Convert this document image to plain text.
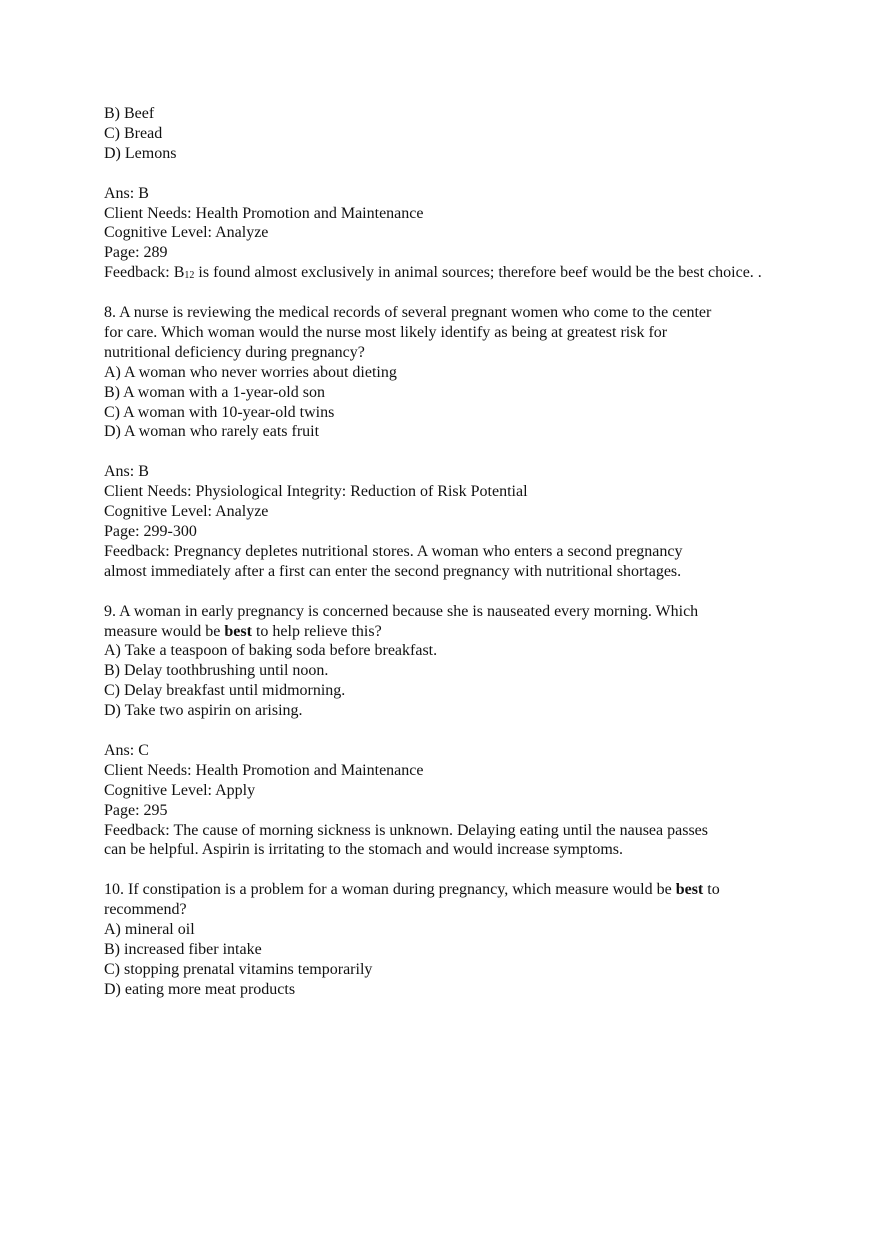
B) Beef
C) Bread
D) Lemons
Ans: B
Client Needs: Health Promotion and Maintenance
Cognitive Level: Analyze
Page: 289
Feedback: $B_{12}$ is found almost exclusively in animal sources; therefore beef would be the best choice. .
8. A nurse is reviewing the medical records of several pregnant women who come to the center
for care. Which woman would the nurse most likely identify as being at greatest risk for
nutritional deficiency during pregnancy?
A) A woman who never worries about dieting
B) A woman with a 1-year-old son
C) A woman with 10-year-old twins
D) A woman who rarely eats fruit
Ans: B
Client Needs: Physiological Integrity: Reduction of Risk Potential
Cognitive Level: Analyze
Page: 299-300
Feedback: Pregnancy depletes nutritional stores. A woman who enters a second pregnancy
almost immediately after a first can enter the second pregnancy with nutritional shortages.
9. A woman in early pregnancy is concerned because she is nauseated every morning. Which
measure would be best to help relieve this?
A) Take a teaspoon of baking soda before breakfast.
B) Delay toothbrushing until noon.
C) Delay breakfast until midmorning.
D) Take two aspirin on arising.
Ans: C
Client Needs: Health Promotion and Maintenance
Cognitive Level: Apply
Page: 295
Feedback: The cause of morning sickness is unknown. Delaying eating until the nausea passes
can be helpful. Aspirin is irritating to the stomach and would increase symptoms.
10. If constipation is a problem for a woman during pregnancy, which measure would be best to
recommend?
A) mineral oil
B) increased fiber intake
C) stopping prenatal vitamins temporarily
D) eating more meat products
